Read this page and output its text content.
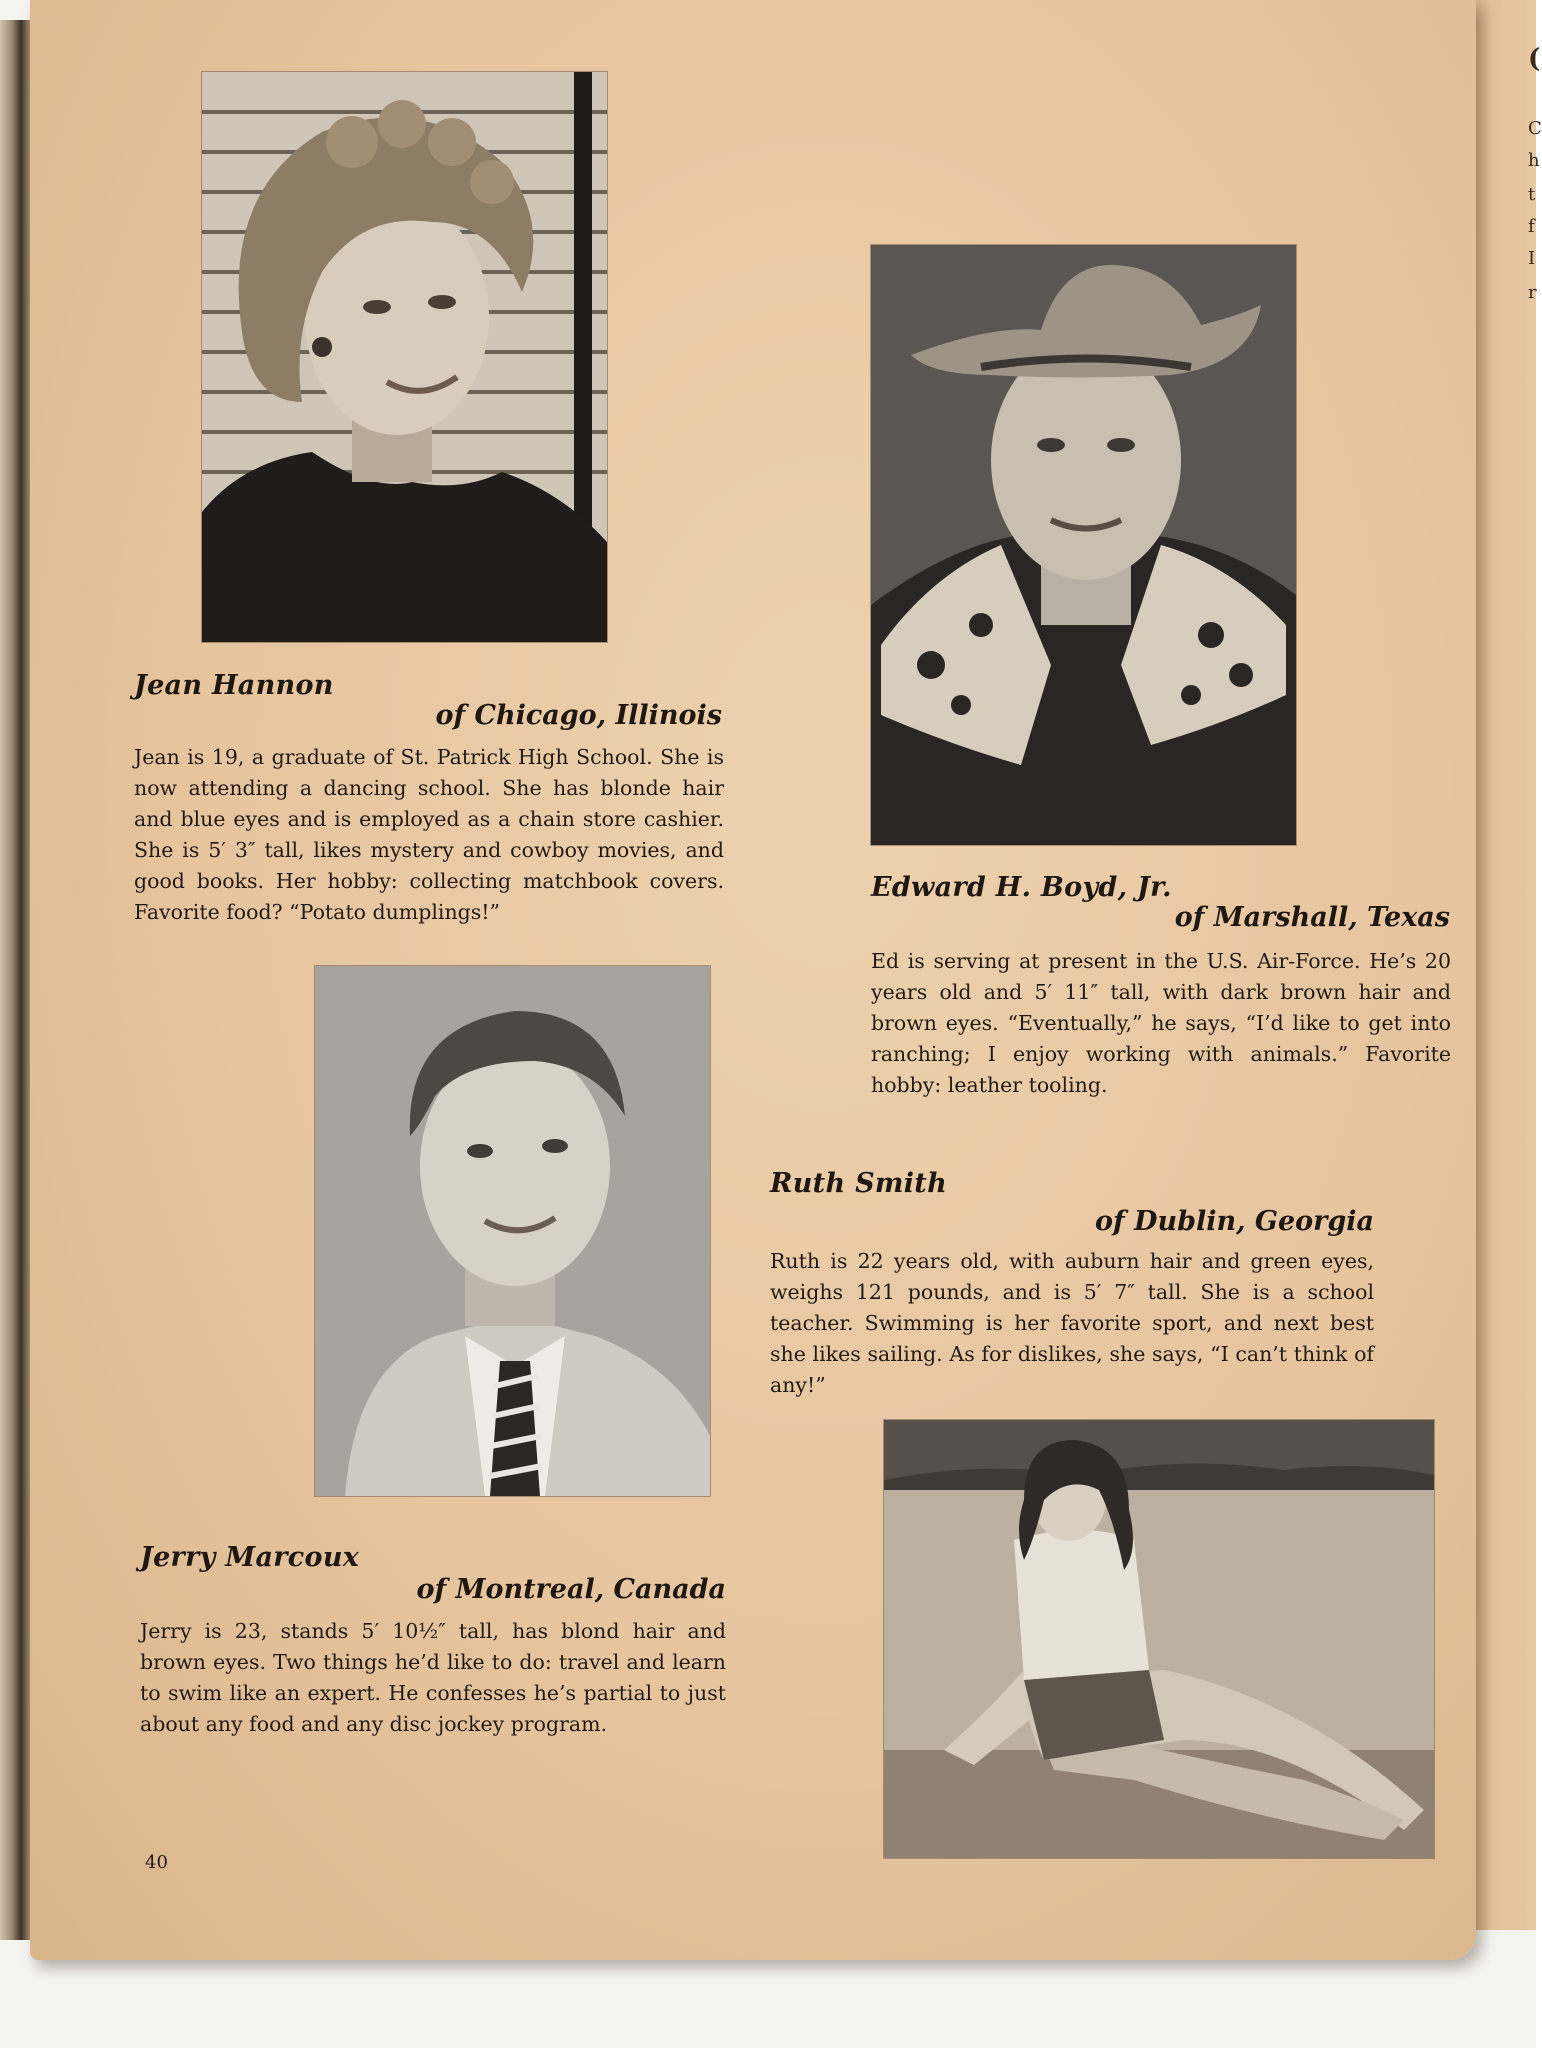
(
C
h
t
f
I
r
Jean Hannon
of Chicago, Illinois

Jean is 19, a graduate of St. Patrick High School. She is now attending a dancing school. She has blonde hair and blue eyes and is employed as a chain store cashier. She is 5′ 3″ tall, likes mystery and cowboy movies, and good books. Her hobby: collecting matchbook covers. Favorite food? “Potato dumplings!”

Edward H. Boyd, Jr.
of Marshall, Texas

Ed is serving at present in the U.S. Air-Force. He’s 20 years old and 5′ 11″ tall, with dark brown hair and brown eyes. “Eventually,” he says, “I’d like to get into ranching; I enjoy working with animals.” Favorite hobby: leather tooling.

Jerry Marcoux
of Montreal, Canada

Jerry is 23, stands 5′ 10½″ tall, has blond hair and brown eyes. Two things he’d like to do: travel and learn to swim like an expert. He confesses he’s partial to just about any food and any disc jockey program.

Ruth Smith
of Dublin, Georgia

Ruth is 22 years old, with auburn hair and green eyes, weighs 121 pounds, and is 5′ 7″ tall. She is a school teacher. Swimming is her favorite sport, and next best she likes sailing. As for dislikes, she says, “I can’t think of any!”

40
